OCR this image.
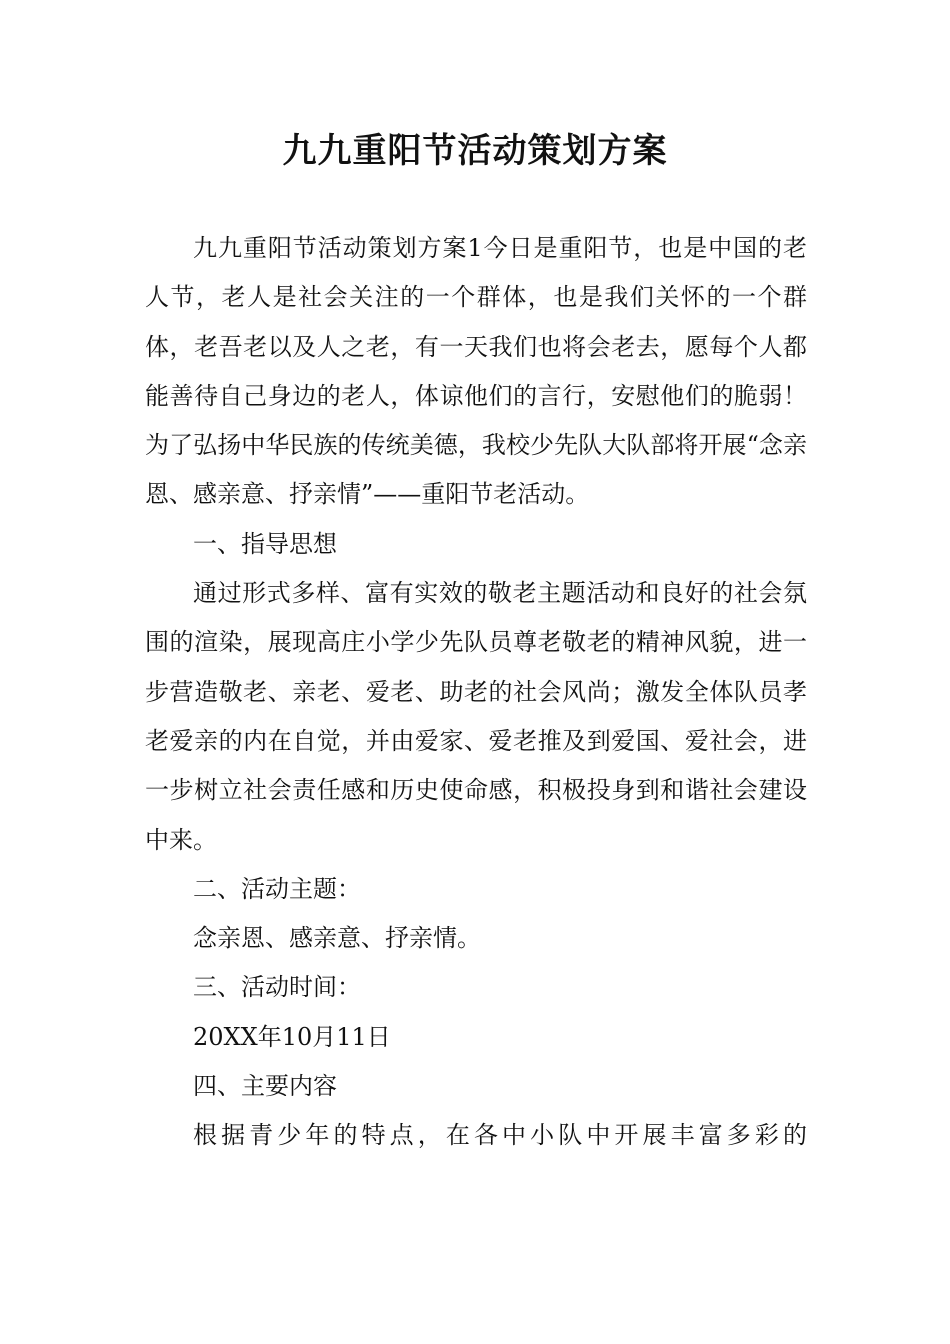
九九重阳节活动策划方案

九九重阳节活动策划方案1今日是重阳节，也是中国的老人节，老人是社会关注的一个群体，也是我们关怀的一个群体，老吾老以及人之老，有一天我们也将会老去，愿每个人都能善待自己身边的老人，体谅他们的言行，安慰他们的脆弱！为了弘扬中华民族的传统美德，我校少先队大队部将开展“念亲恩、感亲意、抒亲情”——重阳节老活动。

一、指导思想

通过形式多样、富有实效的敬老主题活动和良好的社会氛围的渲染，展现高庄小学少先队员尊老敬老的精神风貌，进一步营造敬老、亲老、爱老、助老的社会风尚；激发全体队员孝老爱亲的内在自觉，并由爱家、爱老推及到爱国、爱社会，进一步树立社会责任感和历史使命感，积极投身到和谐社会建设中来。

二、活动主题：

念亲恩、感亲意、抒亲情。

三、活动时间：

20XX年10月11日

四、主要内容

根据青少年的特点，在各中小队中开展丰富多彩的
